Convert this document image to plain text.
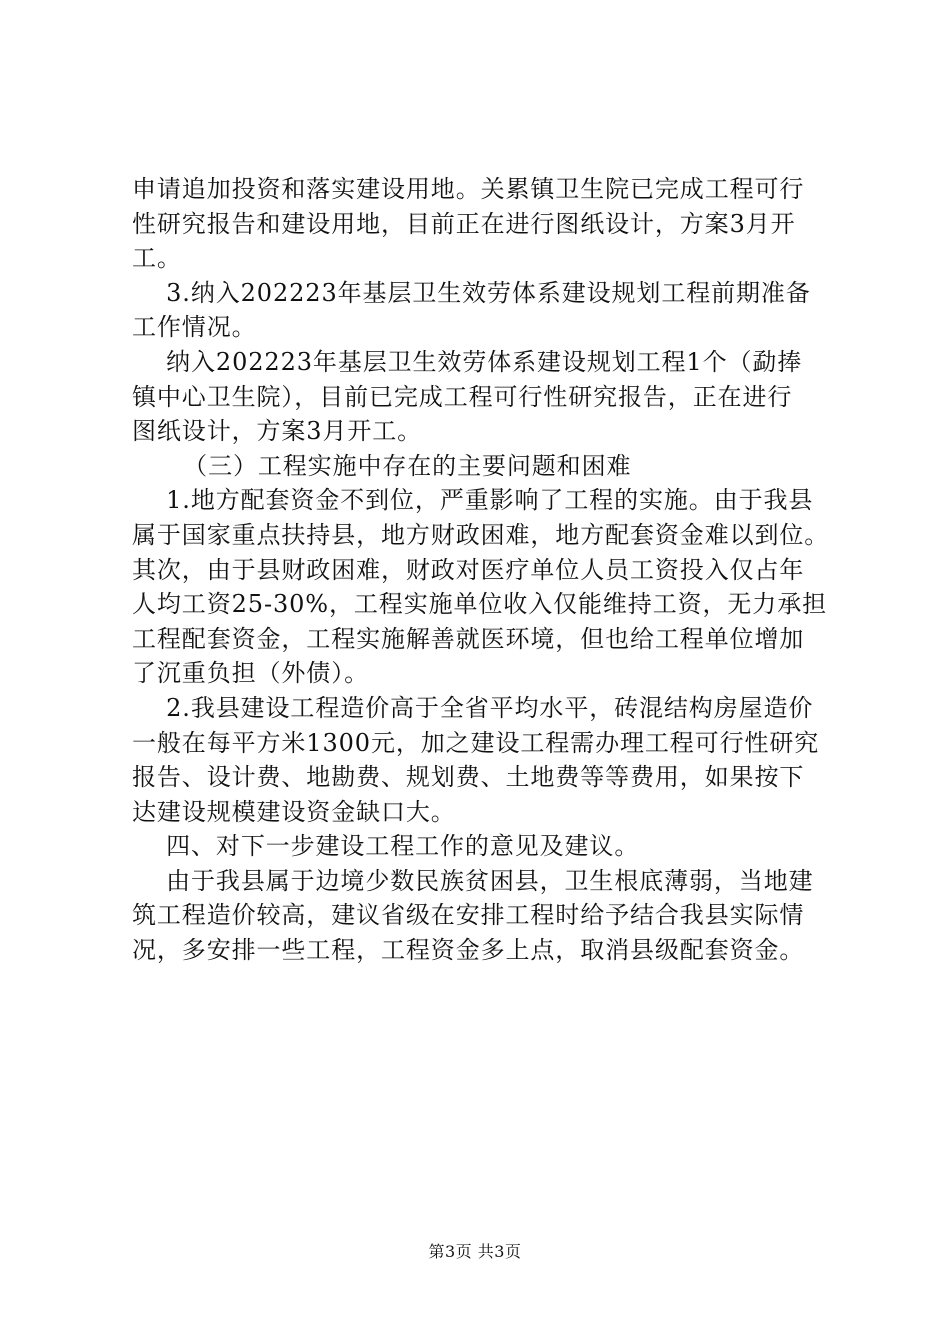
申请追加投资和落实建设用地。关累镇卫生院已完成工程可行
性研究报告和建设用地，目前正在进行图纸设计，方案3月开
工。
3.纳入202223年基层卫生效劳体系建设规划工程前期准备
工作情况。
纳入202223年基层卫生效劳体系建设规划工程1个（勐捧
镇中心卫生院），目前已完成工程可行性研究报告，正在进行
图纸设计，方案3月开工。
（三）工程实施中存在的主要问题和困难
1.地方配套资金不到位，严重影响了工程的实施。由于我县
属于国家重点扶持县，地方财政困难，地方配套资金难以到位。
其次，由于县财政困难，财政对医疗单位人员工资投入仅占年
人均工资25-30%，工程实施单位收入仅能维持工资，无力承担
工程配套资金，工程实施解善就医环境，但也给工程单位增加
了沉重负担（外债）。
2.我县建设工程造价高于全省平均水平，砖混结构房屋造价
一般在每平方米1300元，加之建设工程需办理工程可行性研究
报告、设计费、地勘费、规划费、土地费等等费用，如果按下
达建设规模建设资金缺口大。
四、对下一步建设工程工作的意见及建议。
由于我县属于边境少数民族贫困县，卫生根底薄弱，当地建
筑工程造价较高，建议省级在安排工程时给予结合我县实际情
况，多安排一些工程，工程资金多上点，取消县级配套资金。
第3页 共3页
